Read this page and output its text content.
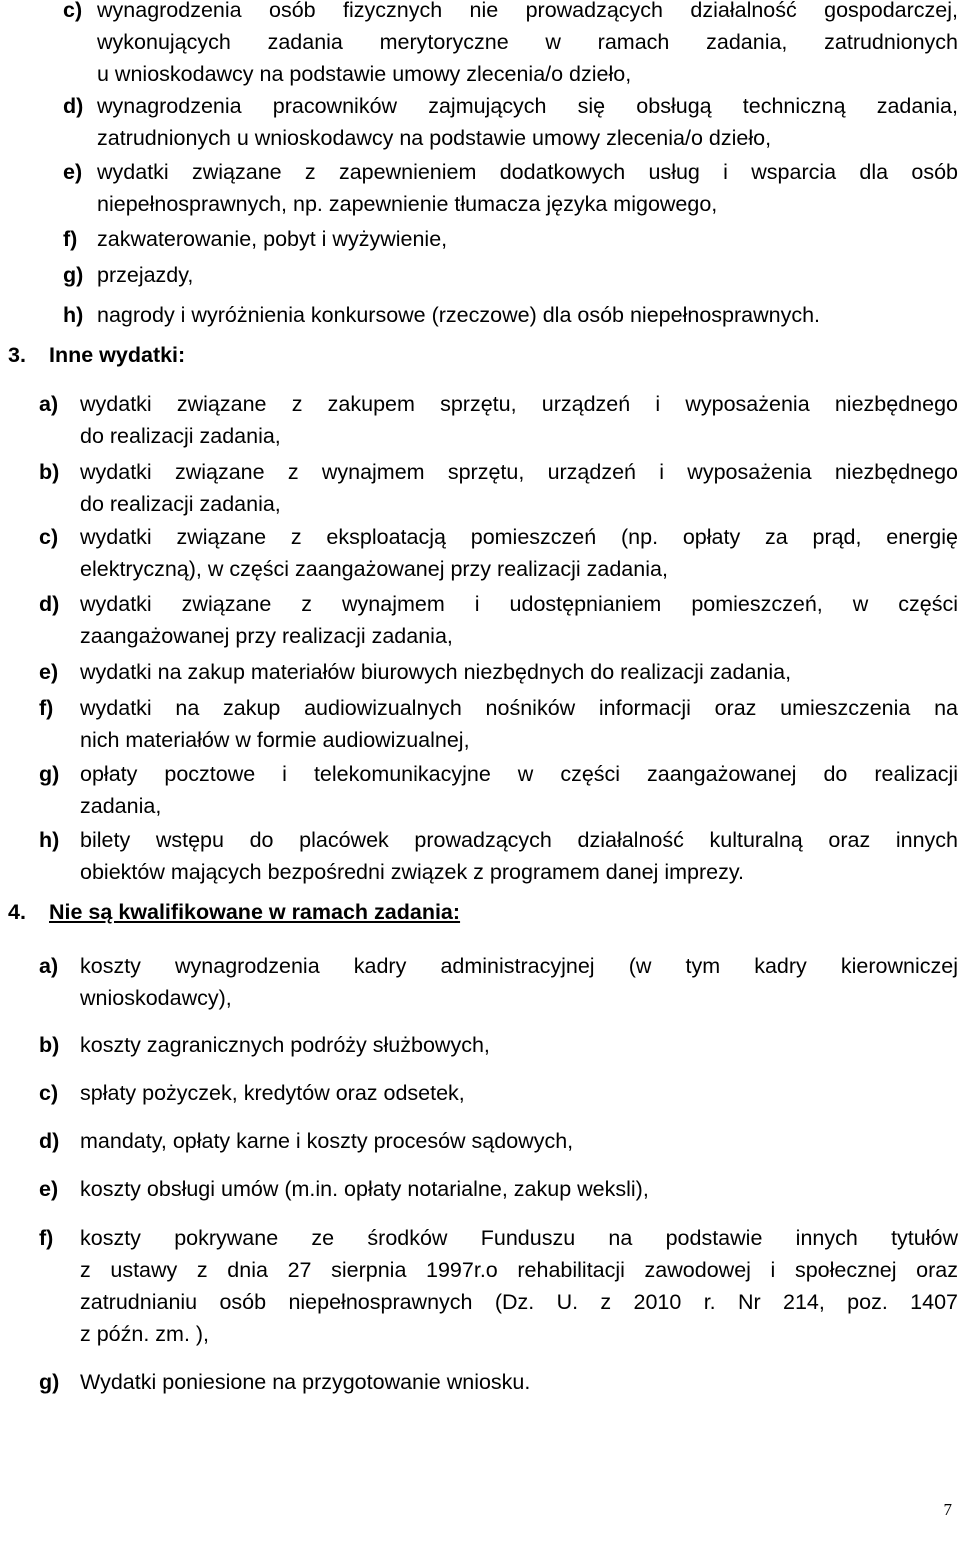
c) wynagrodzenia osób fizycznych nie prowadzących działalność gospodarczej,
wykonujących zadania merytoryczne w ramach zadania, zatrudnionych
u wnioskodawcy na podstawie umowy zlecenia/o dzieło,
d) wynagrodzenia pracowników zajmujących się obsługą techniczną zadania,
zatrudnionych u wnioskodawcy na podstawie umowy zlecenia/o dzieło,
e) wydatki związane z zapewnieniem dodatkowych usług i wsparcia dla osób
niepełnosprawnych, np. zapewnienie tłumacza języka migowego,
f) zakwaterowanie, pobyt i wyżywienie,
g) przejazdy,
h) nagrody i wyróżnienia konkursowe (rzeczowe) dla osób niepełnosprawnych.
3. Inne wydatki:
a) wydatki związane z zakupem sprzętu, urządzeń i wyposażenia niezbędnego
do realizacji zadania,
b) wydatki związane z wynajmem sprzętu, urządzeń i wyposażenia niezbędnego
do realizacji zadania,
c) wydatki związane z eksploatacją pomieszczeń (np. opłaty za prąd, energię
elektryczną), w części zaangażowanej przy realizacji zadania,
d) wydatki związane z wynajmem i udostępnianiem pomieszczeń, w części
zaangażowanej przy realizacji zadania,
e) wydatki na zakup materiałów biurowych niezbędnych do realizacji zadania,
f) wydatki na zakup audiowizualnych nośników informacji oraz umieszczenia na
nich materiałów w formie audiowizualnej,
g) opłaty pocztowe i telekomunikacyjne w części zaangażowanej do realizacji
zadania,
h) bilety wstępu do placówek prowadzących działalność kulturalną oraz innych
obiektów mających bezpośredni związek z programem danej imprezy.
4. Nie są kwalifikowane w ramach zadania:
a) koszty wynagrodzenia kadry administracyjnej (w tym kadry kierowniczej
wnioskodawcy),
b) koszty zagranicznych podróży służbowych,
c) spłaty pożyczek, kredytów oraz odsetek,
d) mandaty, opłaty karne i koszty procesów sądowych,
e) koszty obsługi umów (m.in. opłaty notarialne, zakup weksli),
f) koszty pokrywane ze środków Funduszu na podstawie innych tytułów
z ustawy z dnia 27 sierpnia 1997r.o rehabilitacji zawodowej i społecznej oraz
zatrudnianiu osób niepełnosprawnych (Dz. U. z 2010 r. Nr 214, poz. 1407
z późn. zm. ),
g) Wydatki poniesione na przygotowanie wniosku.
7
